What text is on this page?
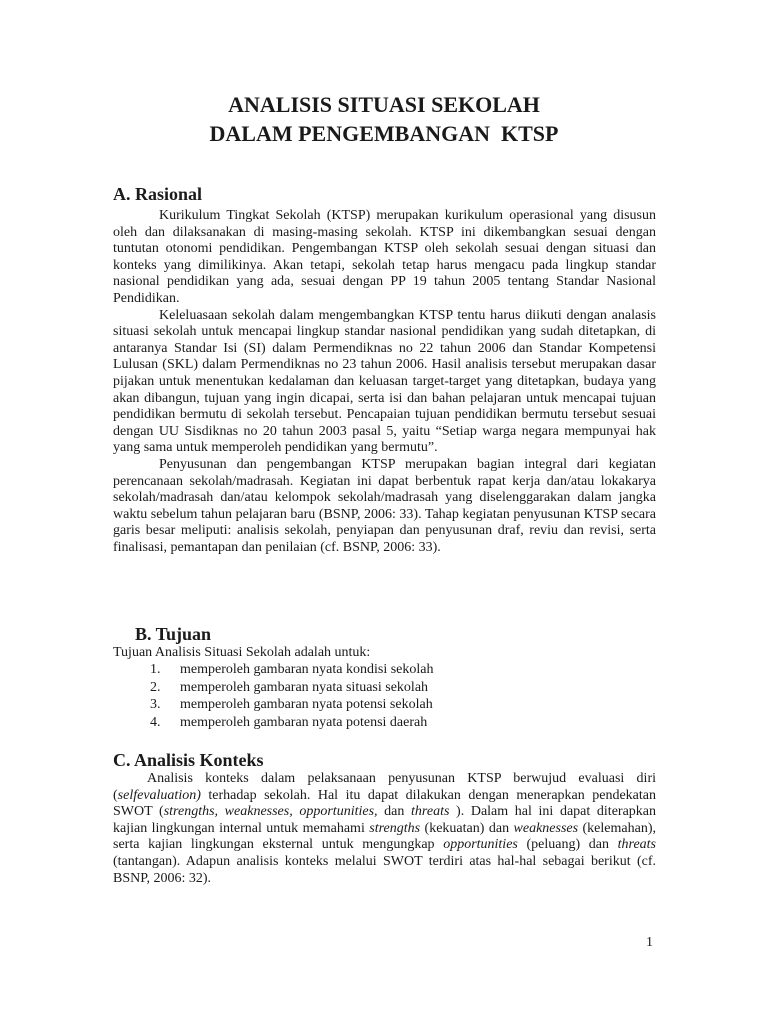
ANALISIS SITUASI SEKOLAH
DALAM PENGEMBANGAN  KTSP
A. Rasional

Kurikulum Tingkat Sekolah (KTSP) merupakan kurikulum operasional yang disusun oleh dan dilaksanakan di masing-masing sekolah. KTSP ini dikembangkan sesuai dengan tuntutan otonomi pendidikan. Pengembangan KTSP oleh sekolah sesuai dengan situasi dan konteks yang dimilikinya. Akan tetapi, sekolah tetap harus mengacu pada lingkup standar nasional pendidikan yang ada, sesuai dengan PP 19 tahun 2005 tentang Standar Nasional Pendidikan.

Keleluasaan sekolah dalam mengembangkan KTSP tentu harus diikuti dengan analasis situasi sekolah untuk mencapai lingkup standar nasional pendidikan yang sudah ditetapkan, di antaranya Standar Isi (SI) dalam Permendiknas no 22 tahun 2006 dan Standar Kompetensi Lulusan (SKL) dalam Permendiknas no 23 tahun 2006. Hasil analisis tersebut merupakan dasar pijakan untuk menentukan kedalaman dan keluasan target-target yang ditetapkan, budaya yang akan dibangun, tujuan yang ingin dicapai, serta isi dan bahan pelajaran untuk mencapai tujuan pendidikan bermutu di sekolah tersebut. Pencapaian tujuan pendidikan bermutu tersebut sesuai dengan UU Sisdiknas no 20 tahun 2003 pasal 5, yaitu “Setiap warga negara mempunyai hak yang sama untuk memperoleh pendidikan yang bermutu”.

Penyusunan dan pengembangan KTSP merupakan bagian integral dari kegiatan perencanaan sekolah/madrasah. Kegiatan ini dapat berbentuk rapat kerja dan/atau lokakarya sekolah/madrasah dan/atau kelompok sekolah/madrasah yang diselenggarakan dalam jangka waktu sebelum tahun pelajaran baru (BSNP, 2006: 33). Tahap kegiatan penyusunan KTSP secara garis besar meliputi: analisis sekolah, penyiapan dan penyusunan draf, reviu dan revisi, serta finalisasi, pemantapan dan penilaian (cf. BSNP, 2006: 33).

B. Tujuan
Tujuan Analisis Situasi Sekolah adalah untuk:
1.	memperoleh gambaran nyata kondisi sekolah
2.	memperoleh gambaran nyata situasi sekolah
3.	memperoleh gambaran nyata potensi sekolah
4.	memperoleh gambaran nyata potensi daerah
C. Analisis Konteks

Analisis konteks dalam pelaksanaan penyusunan KTSP berwujud evaluasi diri (selfevaluation) terhadap sekolah. Hal itu dapat dilakukan dengan menerapkan pendekatan SWOT (strengths, weaknesses, opportunities, dan threats ). Dalam hal ini dapat diterapkan kajian lingkungan internal untuk memahami strengths (kekuatan) dan weaknesses (kelemahan), serta kajian lingkungan eksternal untuk mengungkap opportunities (peluang) dan threats (tantangan). Adapun analisis konteks melalui SWOT terdiri atas hal-hal sebagai berikut (cf. BSNP, 2006: 32).

1
